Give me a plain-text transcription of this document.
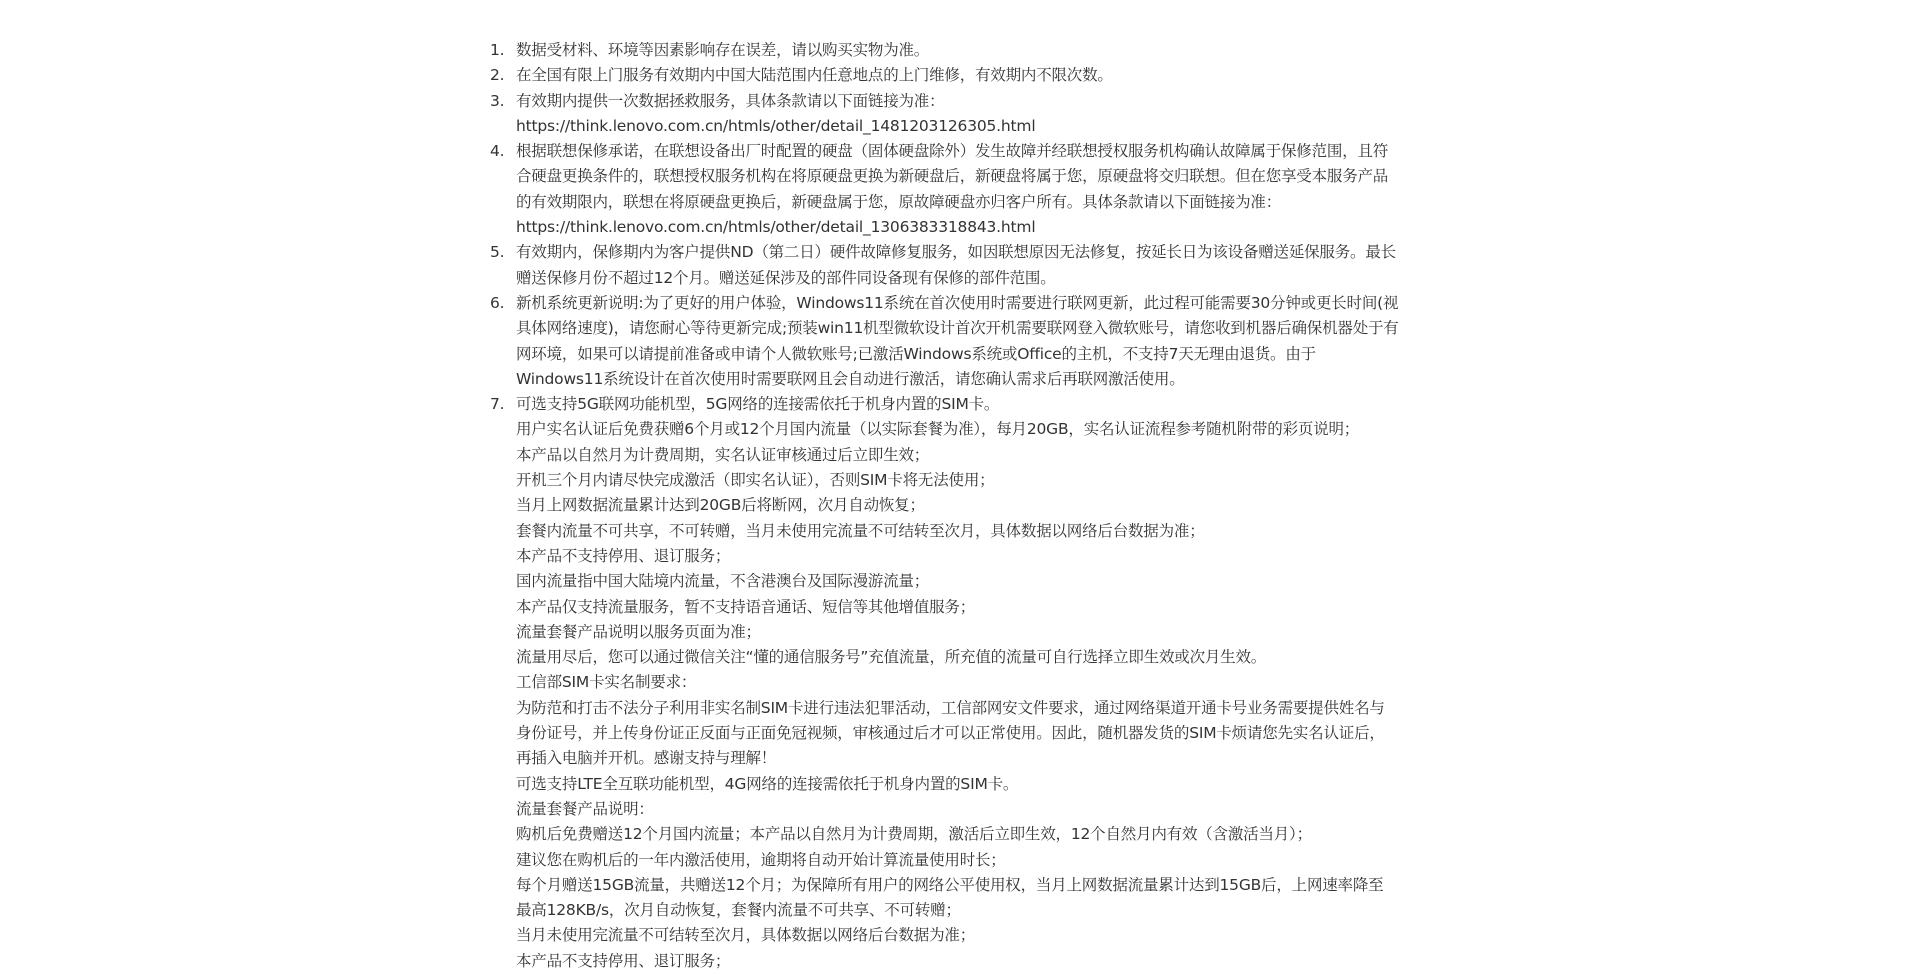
1. 数据受材料、环境等因素影响存在误差，请以购买实物为准。
2. 在全国有限上门服务有效期内中国大陆范围内任意地点的上门维修，有效期内不限次数。
3. 有效期内提供一次数据拯救服务，具体条款请以下面链接为准：
https://think.lenovo.com.cn/htmls/other/detail_1481203126305.html
4. 根据联想保修承诺，在联想设备出厂时配置的硬盘（固体硬盘除外）发生故障并经联想授权服务机构确认故障属于保修范围，且符
合硬盘更换条件的，联想授权服务机构在将原硬盘更换为新硬盘后，新硬盘将属于您，原硬盘将交归联想。但在您享受本服务产品
的有效期限内，联想在将原硬盘更换后，新硬盘属于您，原故障硬盘亦归客户所有。具体条款请以下面链接为准：
https://think.lenovo.com.cn/htmls/other/detail_1306383318843.html
5. 有效期内，保修期内为客户提供ND（第二日）硬件故障修复服务，如因联想原因无法修复，按延长日为该设备赠送延保服务。最长
赠送保修月份不超过12个月。赠送延保涉及的部件同设备现有保修的部件范围。
6. 新机系统更新说明:为了更好的用户体验，Windows11系统在首次使用时需要进行联网更新，此过程可能需要30分钟或更长时间(视
具体网络速度)，请您耐心等待更新完成;预装win11机型微软设计首次开机需要联网登入微软账号，请您收到机器后确保机器处于有
网环境，如果可以请提前准备或申请个人微软账号;已激活Windows系统或Office的主机，不支持7天无理由退货。由于
Windows11系统设计在首次使用时需要联网且会自动进行激活，请您确认需求后再联网激活使用。
7. 可选支持5G联网功能机型，5G网络的连接需依托于机身内置的SIM卡。
用户实名认证后免费获赠6个月或12个月国内流量（以实际套餐为准），每月20GB，实名认证流程参考随机附带的彩页说明；
本产品以自然月为计费周期，实名认证审核通过后立即生效；
开机三个月内请尽快完成激活（即实名认证），否则SIM卡将无法使用；
当月上网数据流量累计达到20GB后将断网，次月自动恢复；
套餐内流量不可共享，不可转赠，当月未使用完流量不可结转至次月，具体数据以网络后台数据为准；
本产品不支持停用、退订服务；
国内流量指中国大陆境内流量，不含港澳台及国际漫游流量；
本产品仅支持流量服务，暂不支持语音通话、短信等其他增值服务；
流量套餐产品说明以服务页面为准；
流量用尽后，您可以通过微信关注“懂的通信服务号”充值流量，所充值的流量可自行选择立即生效或次月生效。
工信部SIM卡实名制要求：
为防范和打击不法分子利用非实名制SIM卡进行违法犯罪活动，工信部网安文件要求，通过网络渠道开通卡号业务需要提供姓名与
身份证号，并上传身份证正反面与正面免冠视频，审核通过后才可以正常使用。因此，随机器发货的SIM卡烦请您先实名认证后，
再插入电脑并开机。感谢支持与理解！
可选支持LTE全互联功能机型，4G网络的连接需依托于机身内置的SIM卡。
流量套餐产品说明：
购机后免费赠送12个月国内流量；本产品以自然月为计费周期，激活后立即生效，12个自然月内有效（含激活当月）；
建议您在购机后的一年内激活使用，逾期将自动开始计算流量使用时长；
每个月赠送15GB流量，共赠送12个月；为保障所有用户的网络公平使用权，当月上网数据流量累计达到15GB后，上网速率降至
最高128KB/s，次月自动恢复，套餐内流量不可共享、不可转赠；
当月未使用完流量不可结转至次月，具体数据以网络后台数据为准；
本产品不支持停用、退订服务；
